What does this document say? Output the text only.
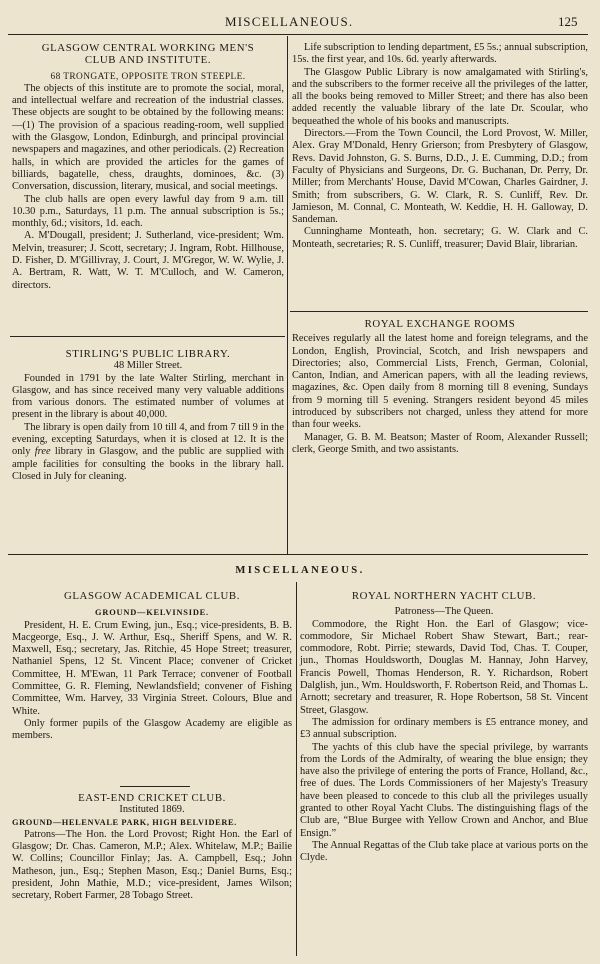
MISCELLANEOUS.	125

GLASGOW CENTRAL WORKING MEN'S

CLUB AND INSTITUTE.

68 TRONGATE, OPPOSITE TRON STEEPLE.

The objects of this institute are to promote the social, moral, and intellectual welfare and recreation of the industrial classes. These objects are sought to be obtained by the following means:—(1) The provision of a spacious reading-room, well supplied with the Glasgow, London, Edinburgh, and principal provincial newspapers and magazines, and other periodicals. (2) Recreation halls, in which are provided the articles for the games of billiards, bagatelle, chess, draughts, dominoes, &c. (3) Conversation, discussion, literary, musical, and social meetings.

The club halls are open every lawful day from 9 a.m. till 10.30 p.m., Saturdays, 11 p.m. The annual subscription is 5s.; monthly, 6d.; visitors, 1d. each.

A. M'Dougall, president; J. Sutherland, vice-president; Wm. Melvin, treasurer; J. Scott, secretary; J. Ingram, Robt. Hillhouse, D. Fisher, D. M'Gillivray, J. Court, J. M'Gregor, W. W. Wylie, J. A. Bertram, R. Watt, W. T. M'Culloch, and W. Cameron, directors.

STIRLING'S PUBLIC LIBRARY.

48 Miller Street.

Founded in 1791 by the late Walter Stirling, merchant in Glasgow, and has since received many very valuable additions from various donors. The estimated number of volumes at present in the library is about 40,000.

The library is open daily from 10 till 4, and from 7 till 9 in the evening, excepting Saturdays, when it is closed at 12. It is the only free library in Glasgow, and the public are supplied with ample facilities for consulting the books in the library hall. Closed in July for cleaning.

Life subscription to lending department, £5 5s.; annual subscription, 15s. the first year, and 10s. 6d. yearly afterwards.

The Glasgow Public Library is now amalgamated with Stirling's, and the subscribers to the former receive all the privileges of the latter, all the books being removed to Miller Street; and there has also been added recently the valuable library of the late Dr. Scoular, who bequeathed the whole of his books and manuscripts.

Directors.—From the Town Council, the Lord Provost, W. Miller, Alex. Gray M'Donald, Henry Grierson; from Presbytery of Glasgow, Revs. David Johnston, G. S. Burns, D.D., J. E. Cumming, D.D.; from Faculty of Physicians and Surgeons, Dr. G. Buchanan, Dr. Perry, Dr. Miller; from Merchants' House, David M'Cowan, Charles Gairdner, J. Smith; from subscribers, G. W. Clark, R. S. Cunliff, Rev. Dr. Jamieson, M. Connal, C. Monteath, W. Keddie, H. H. Galloway, D. Sandeman.

Cunninghame Monteath, hon. secretary; G. W. Clark and C. Monteath, secretaries; R. S. Cunliff, treasurer; David Blair, librarian.

ROYAL EXCHANGE ROOMS

Receives regularly all the latest home and foreign telegrams, and the London, English, Provincial, Scotch, and Irish newspapers and Directories; also, Commercial Lists, French, German, Colonial, Canton, Indian, and American papers, with all the leading reviews, magazines, &c. Open daily from 8 morning till 8 evening, Sundays from 9 morning till 5 evening. Strangers resident beyond 45 miles introduced by subscribers not charged, unless they attend for more than four weeks.

Manager, G. B. M. Beatson; Master of Room, Alexander Russell; clerk, George Smith, and two assistants.

MISCELLANEOUS.

GLASGOW ACADEMICAL CLUB.

GROUND—KELVINSIDE.

President, H. E. Crum Ewing, jun., Esq.; vice-presidents, B. B. Macgeorge, Esq., J. W. Arthur, Esq., Sheriff Spens, and W. R. Maxwell, Esq.; secretary, Jas. Ritchie, 45 Hope Street; treasurer, Nathaniel Spens, 12 St. Vincent Place; convener of Cricket Committee, H. M'Ewan, 11 Park Terrace; convener of Football Committee, G. R. Fleming, Newlandsfield; convener of Fishing Committee, Wm. Harvey, 33 Virginia Street. Colours, Blue and White.

Only former pupils of the Glasgow Academy are eligible as members.

EAST-END CRICKET CLUB.

Instituted 1869.

GROUND—HELENVALE PARK, HIGH BELVIDERE.

Patrons—The Hon. the Lord Provost; Right Hon. the Earl of Glasgow; Dr. Chas. Cameron, M.P.; Alex. Whitelaw, M.P.; Bailie W. Collins; Councillor Finlay; Jas. A. Campbell, Esq.; John Matheson, jun., Esq.; Stephen Mason, Esq.; Daniel Burns, Esq.; president, John Mathie, M.D.; vice-president, James Wilson; secretary, Robert Farmer, 28 Tobago Street.

ROYAL NORTHERN YACHT CLUB.

Patroness—The Queen.

Commodore, the Right Hon. the Earl of Glasgow; vice-commodore, Sir Michael Robert Shaw Stewart, Bart.; rear-commodore, Robt. Pirrie; stewards, David Tod, Chas. T. Couper, jun., Thomas Houldsworth, Douglas M. Hannay, John Harvey, Francis Powell, Thomas Henderson, R. Y. Richardson, Robert Dalglish, jun., Wm. Houldsworth, F. Robertson Reid, and Thomas L. Arnott; secretary and treasurer, R. Hope Robertson, 58 St. Vincent Street, Glasgow.

The admission for ordinary members is £5 entrance money, and £3 annual subscription.

The yachts of this club have the special privilege, by warrants from the Lords of the Admiralty, of wearing the blue ensign; they have also the privilege of entering the ports of France, Holland, &c., free of dues. The Lords Commissioners of her Majesty's Treasury have been pleased to concede to this club all the privileges usually granted to other Royal Yacht Clubs. The distinguishing flags of the Club are, “Blue Burgee with Yellow Crown and Anchor, and Blue Ensign.”

The Annual Regattas of the Club take place at various ports on the Clyde.
